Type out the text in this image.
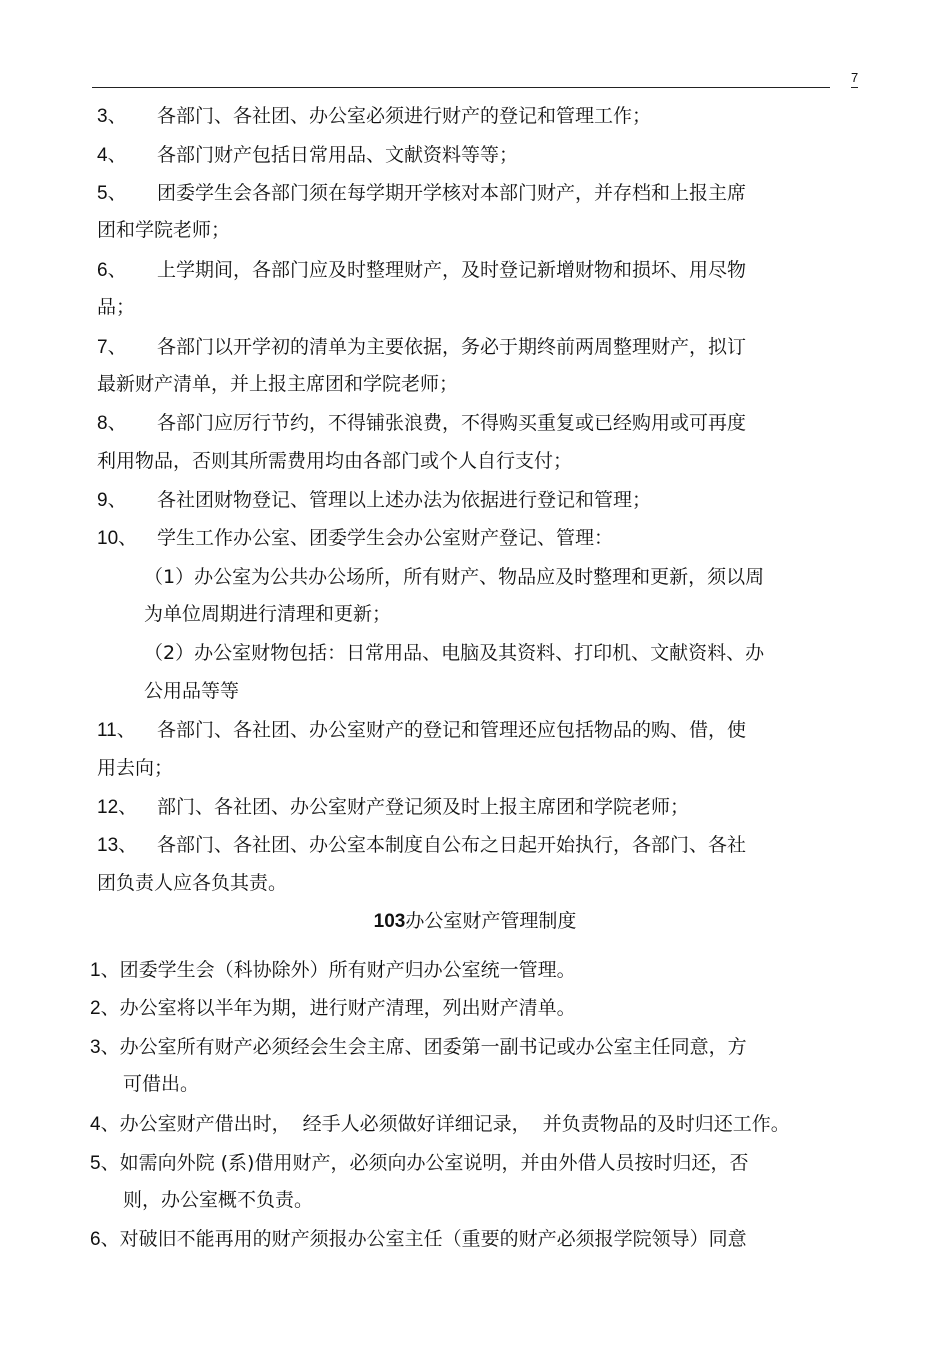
7
3、 各部门、各社团、办公室必须进行财产的登记和管理工作；
4、 各部门财产包括日常用品、文献资料等等；
5、 团委学生会各部门须在每学期开学核对本部门财产，并存档和上报主席
团和学院老师；
6、 上学期间，各部门应及时整理财产，及时登记新增财物和损坏、用尽物
品；
7、 各部门以开学初的清单为主要依据，务必于期终前两周整理财产，拟订
最新财产清单，并上报主席团和学院老师；
8、 各部门应厉行节约，不得铺张浪费，不得购买重复或已经购用或可再度
利用物品，否则其所需费用均由各部门或个人自行支付；
9、 各社团财物登记、管理以上述办法为依据进行登记和管理；
10、 学生工作办公室、团委学生会办公室财产登记、管理：
（1）办公室为公共办公场所，所有财产、物品应及时整理和更新，须以周
为单位周期进行清理和更新；
（2）办公室财物包括：日常用品、电脑及其资料、打印机、文献资料、办
公用品等等
11、 各部门、各社团、办公室财产的登记和管理还应包括物品的购、借，使
用去向；
12、 部门、各社团、办公室财产登记须及时上报主席团和学院老师；
13、 各部门、各社团、办公室本制度自公布之日起开始执行，各部门、各社
团负责人应各负其责。
103办公室财产管理制度
1、团委学生会（科协除外）所有财产归办公室统一管理。
2、办公室将以半年为期，进行财产清理，列出财产清单。
3、办公室所有财产必须经会生会主席、团委第一副书记或办公室主任同意，方
可借出。
4、办公室财产借出时，  经手人必须做好详细记录，  并负责物品的及时归还工作。
5、如需向外院 (系)借用财产，必须向办公室说明，并由外借人员按时归还，否
则，办公室概不负责。
6、对破旧不能再用的财产须报办公室主任（重要的财产必须报学院领导）同意
